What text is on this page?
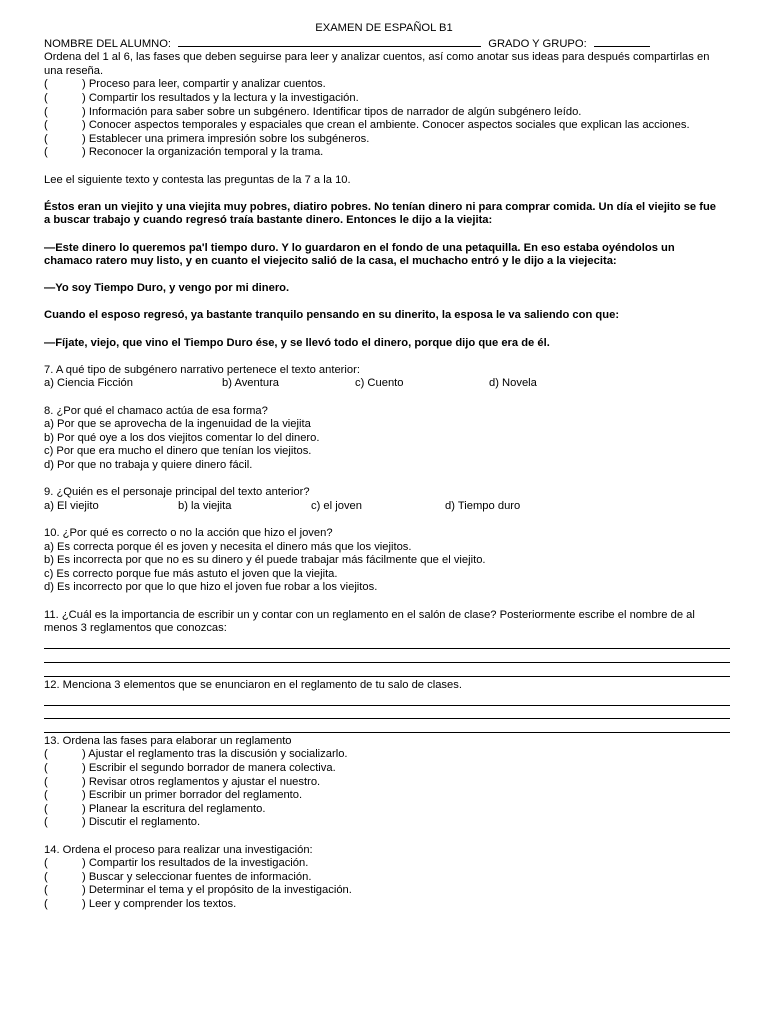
EXAMEN DE ESPAÑOL B1
NOMBRE DEL ALUMNO:	GRADO Y GRUPO:
Ordena del 1 al 6, las fases que deben seguirse para leer y analizar cuentos, así como anotar sus ideas para después compartirlas en una reseña.
(	) Proceso para leer, compartir y analizar cuentos.
(	) Compartir los resultados y la lectura y la investigación.
(	) Información para saber sobre un subgénero. Identificar tipos de narrador de algún subgénero leído.
(	) Conocer aspectos temporales y espaciales que crean el ambiente. Conocer aspectos sociales que explican las acciones.
(	) Establecer una primera impresión sobre los subgéneros.
(	) Reconocer la organización temporal y la trama.
Lee el siguiente texto y contesta las preguntas de la 7 a la 10.
Éstos eran un viejito y una viejita muy pobres, diatiro pobres. No tenían dinero ni para comprar comida. Un día el viejito se fue a buscar trabajo y cuando regresó traía bastante dinero. Entonces le dijo a la viejita:
—Este dinero lo queremos pa'l tiempo duro. Y lo guardaron en el fondo de una petaquilla. En eso estaba oyéndolos un chamaco ratero muy listo, y en cuanto el viejecito salió de la casa, el muchacho entró y le dijo a la viejecita:
—Yo soy Tiempo Duro, y vengo por mi dinero.
Cuando el esposo regresó, ya bastante tranquilo pensando en su dinerito, la esposa le va saliendo con que:
—Fíjate, viejo, que vino el Tiempo Duro ése, y se llevó todo el dinero, porque dijo que era de él.
7. A qué tipo de subgénero narrativo pertenece el texto anterior:
a) Ciencia Ficción	b) Aventura	c) Cuento	d) Novela
8. ¿Por qué el chamaco actúa de esa forma?
a) Por que se aprovecha de la ingenuidad de la viejita
b) Por qué oye a los dos viejitos comentar lo del dinero.
c) Por que era mucho el dinero que tenían los viejitos.
d) Por que no trabaja y quiere dinero fácil.
9. ¿Quién es el personaje principal del texto anterior?
a) El viejito	b) la viejita	c) el joven	d) Tiempo duro
10. ¿Por qué es correcto o no la acción que hizo el joven?
a) Es correcta porque él es joven y necesita el dinero más que los viejitos.
b) Es incorrecta por que no es su dinero y él puede trabajar más fácilmente que el viejito.
c) Es correcto porque fue más astuto el joven que la viejita.
d) Es incorrecto por que lo que hizo el joven fue robar a los viejitos.
11. ¿Cuál es la importancia de escribir un y contar con un reglamento en el salón de clase? Posteriormente escribe el nombre de al menos 3 reglamentos que conozcas:
12. Menciona 3 elementos que se enunciaron en el reglamento de tu salo de clases.
13. Ordena las fases para elaborar un reglamento
(	) Ajustar el reglamento tras la discusión y socializarlo.
(	) Escribir el segundo borrador de manera colectiva.
(	) Revisar otros reglamentos y ajustar el nuestro.
(	) Escribir un primer borrador del reglamento.
(	) Planear la escritura del reglamento.
(	) Discutir el reglamento.
14. Ordena el proceso para realizar una investigación:
(	) Compartir los resultados de la investigación.
(	) Buscar y seleccionar fuentes de información.
(	) Determinar el tema y el propósito de la investigación.
(	) Leer y comprender los textos.
